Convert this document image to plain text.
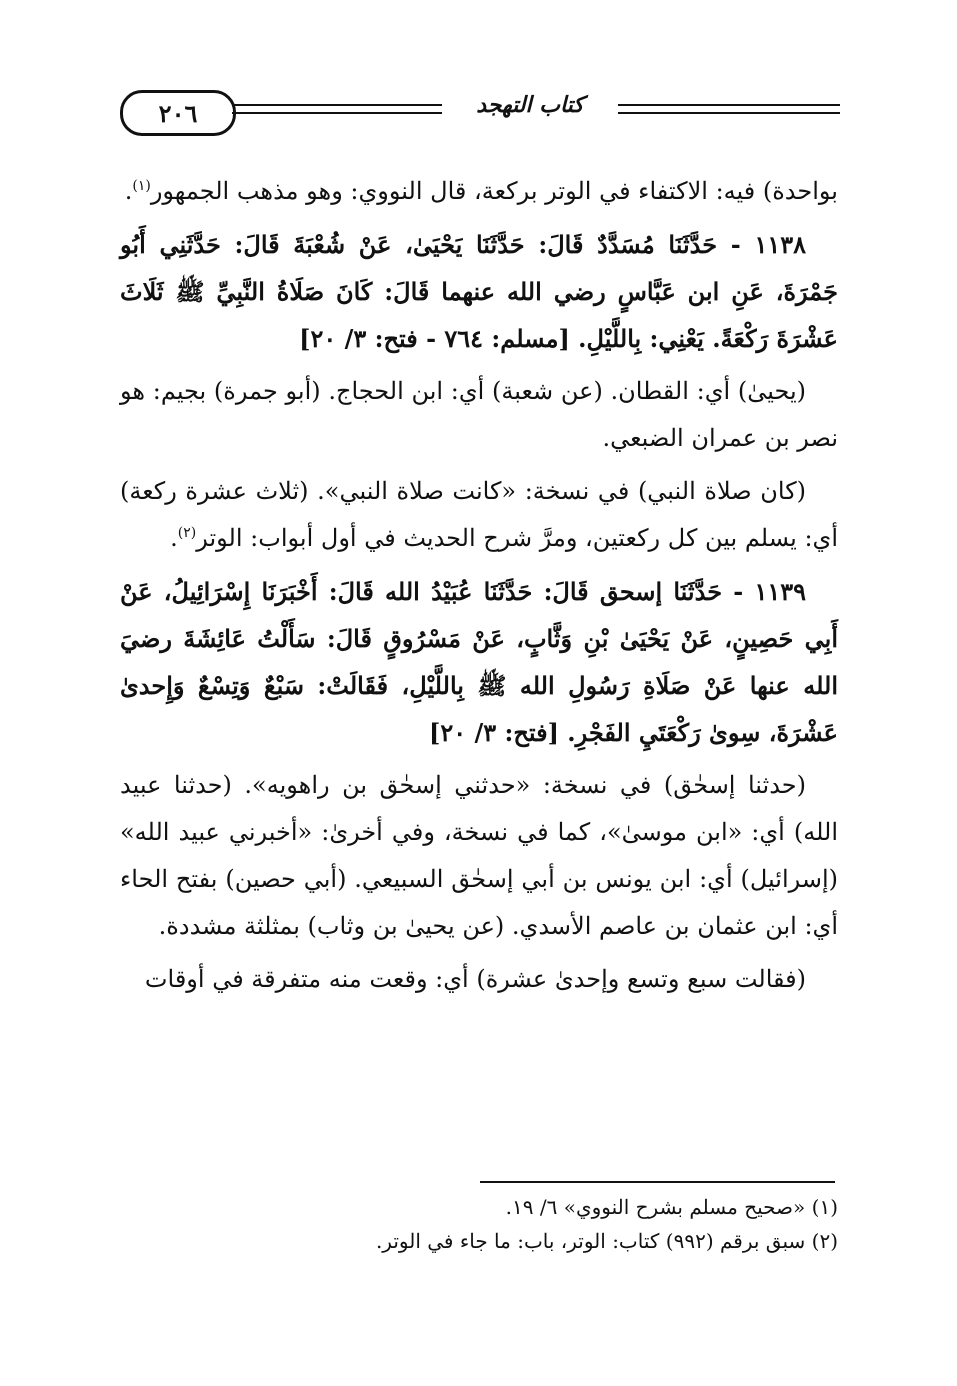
٢٠٦	كتاب التهجد

بواحدة) فيه: الاكتفاء في الوتر بركعة، قال النووي: وهو مذهب الجمهور$^{(١)}$.

١١٣٨ - حَدَّثَنَا مُسَدَّدٌ قَالَ: حَدَّثَنَا يَحْيَىٰ، عَنْ شُعْبَةَ قَالَ: حَدَّثَنِي أَبُو جَمْرَةَ، عَنِ ابن عَبَّاسٍ رضي الله عنهما قَالَ: كَانَ صَلَاةُ النَّبِيِّ ﷺ ثَلَاثَ عَشْرَةَ رَكْعَةً. يَعْنِي: بِاللَّيْلِ. [مسلم: ٧٦٤ - فتح: ٣/ ٢٠]

(يحيىٰ) أي: القطان. (عن شعبة) أي: ابن الحجاج. (أبو جمرة) بجيم: هو نصر بن عمران الضبعي.

(كان صلاة النبي) في نسخة: «كانت صلاة النبي». (ثلاث عشرة ركعة) أي: يسلم بين كل ركعتين، ومرَّ شرح الحديث في أول أبواب: الوتر$^{(٢)}$.

١١٣٩ - حَدَّثَنَا إسحق قَالَ: حَدَّثَنَا عُبَيْدُ الله قَالَ: أَخْبَرَنَا إِسْرَائِيلُ، عَنْ أَبِي حَصِينٍ، عَنْ يَحْيَىٰ بْنِ وَثَّابٍ، عَنْ مَسْرُوقٍ قَالَ: سَأَلْتُ عَائِشَةَ رضيَ الله عنها عَنْ صَلَاةِ رَسُولِ الله ﷺ بِاللَّيْلِ، فَقَالَتْ: سَبْعٌ وَتِسْعٌ وَإِحدىٰ عَشْرَةَ، سِوىٰ رَكْعَتَيِ الفَجْرِ. [فتح: ٣/ ٢٠]

(حدثنا إسحٰق) في نسخة: «حدثني إسحٰق بن راهويه». (حدثنا عبيد الله) أي: «ابن موسىٰ»، كما في نسخة، وفي أخرىٰ: «أخبرني عبيد الله» (إسرائيل) أي: ابن يونس بن أبي إسحٰق السبيعي. (أبي حصين) بفتح الحاء أي: ابن عثمان بن عاصم الأسدي. (عن يحيىٰ بن وثاب) بمثلثة مشددة.

(فقالت سبع وتسع وإحدىٰ عشرة) أي: وقعت منه متفرقة في أوقات

(١) «صحيح مسلم بشرح النووي» ٦/ ١٩.
(٢) سبق برقم (٩٩٢) كتاب: الوتر، باب: ما جاء في الوتر.
